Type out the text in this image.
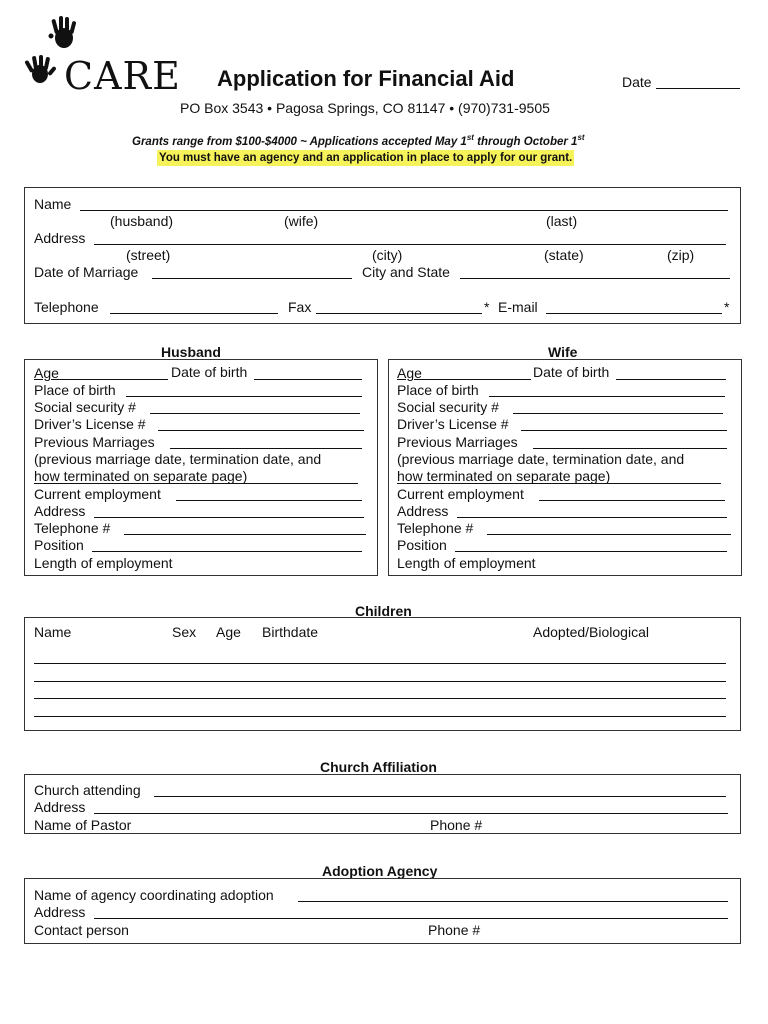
CARE Application for Financial Aid	Date
PO Box 3543 • Pagosa Springs, CO 81147 • (970)731-9505
Grants range from $100-$4000 ~ Applications accepted May 1st through October 1st
You must have an agency and an application in place to apply for our grant.
Name
(husband)	(wife)	(last)
Address
(street)	(city)	(state)	(zip)
Date of Marriage	City and State
Telephone	Fax	* E-mail	*
Husband	Wife
Age	Date of birth
Place of birth
Social security #
Driver’s License #
Previous Marriages
(previous marriage date, termination date, and
how terminated on separate page)
Current employment
Address
Telephone #
Position
Length of employment
Age	Date of birth
Place of birth
Social security #
Driver’s License #
Previous Marriages
(previous marriage date, termination date, and
how terminated on separate page)
Current employment
Address
Telephone #
Position
Length of employment
Children
Name	Sex Age Birthdate	Adopted/Biological
Church Affiliation
Church attending
Address
Name of Pastor	Phone #
Adoption Agency
Name of agency coordinating adoption
Address
Contact person	Phone #
